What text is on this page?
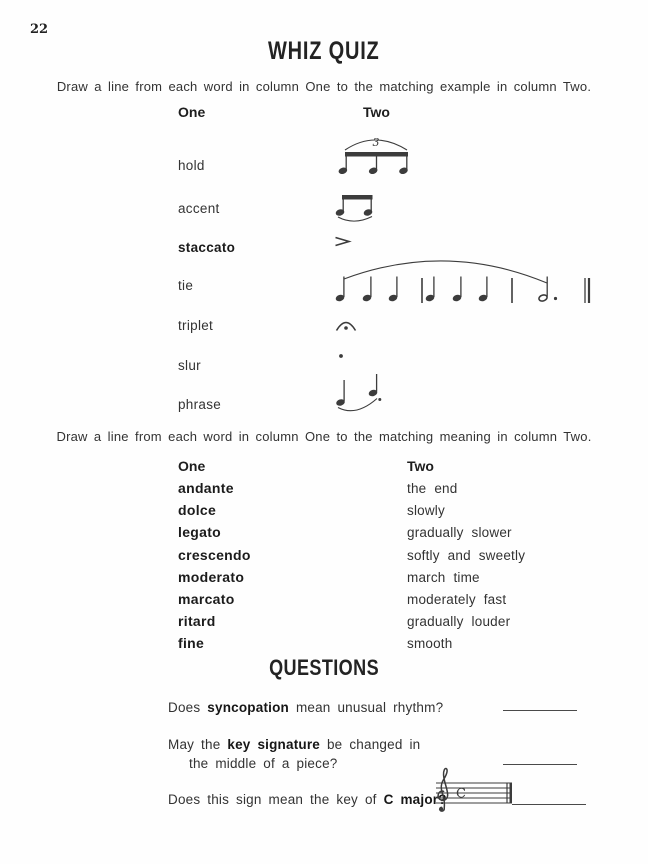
22
WHIZ QUIZ
Draw a line from each word in column One to the matching example in column Two.
One	Two
hold
accent
staccato
tie
triplet
slur
phrase
3
Draw a line from each word in column One to the matching meaning in column Two.
One	Two
andante
dolce
legato
crescendo
moderato
marcato
ritard
fine
the end
slowly
gradually slower
softly and sweetly
march time
moderately fast
gradually louder
smooth
QUESTIONS
Does syncopation mean unusual rhythm?
May the key signature be changed in
the middle of a piece?
Does this sign mean the key of C major? C
